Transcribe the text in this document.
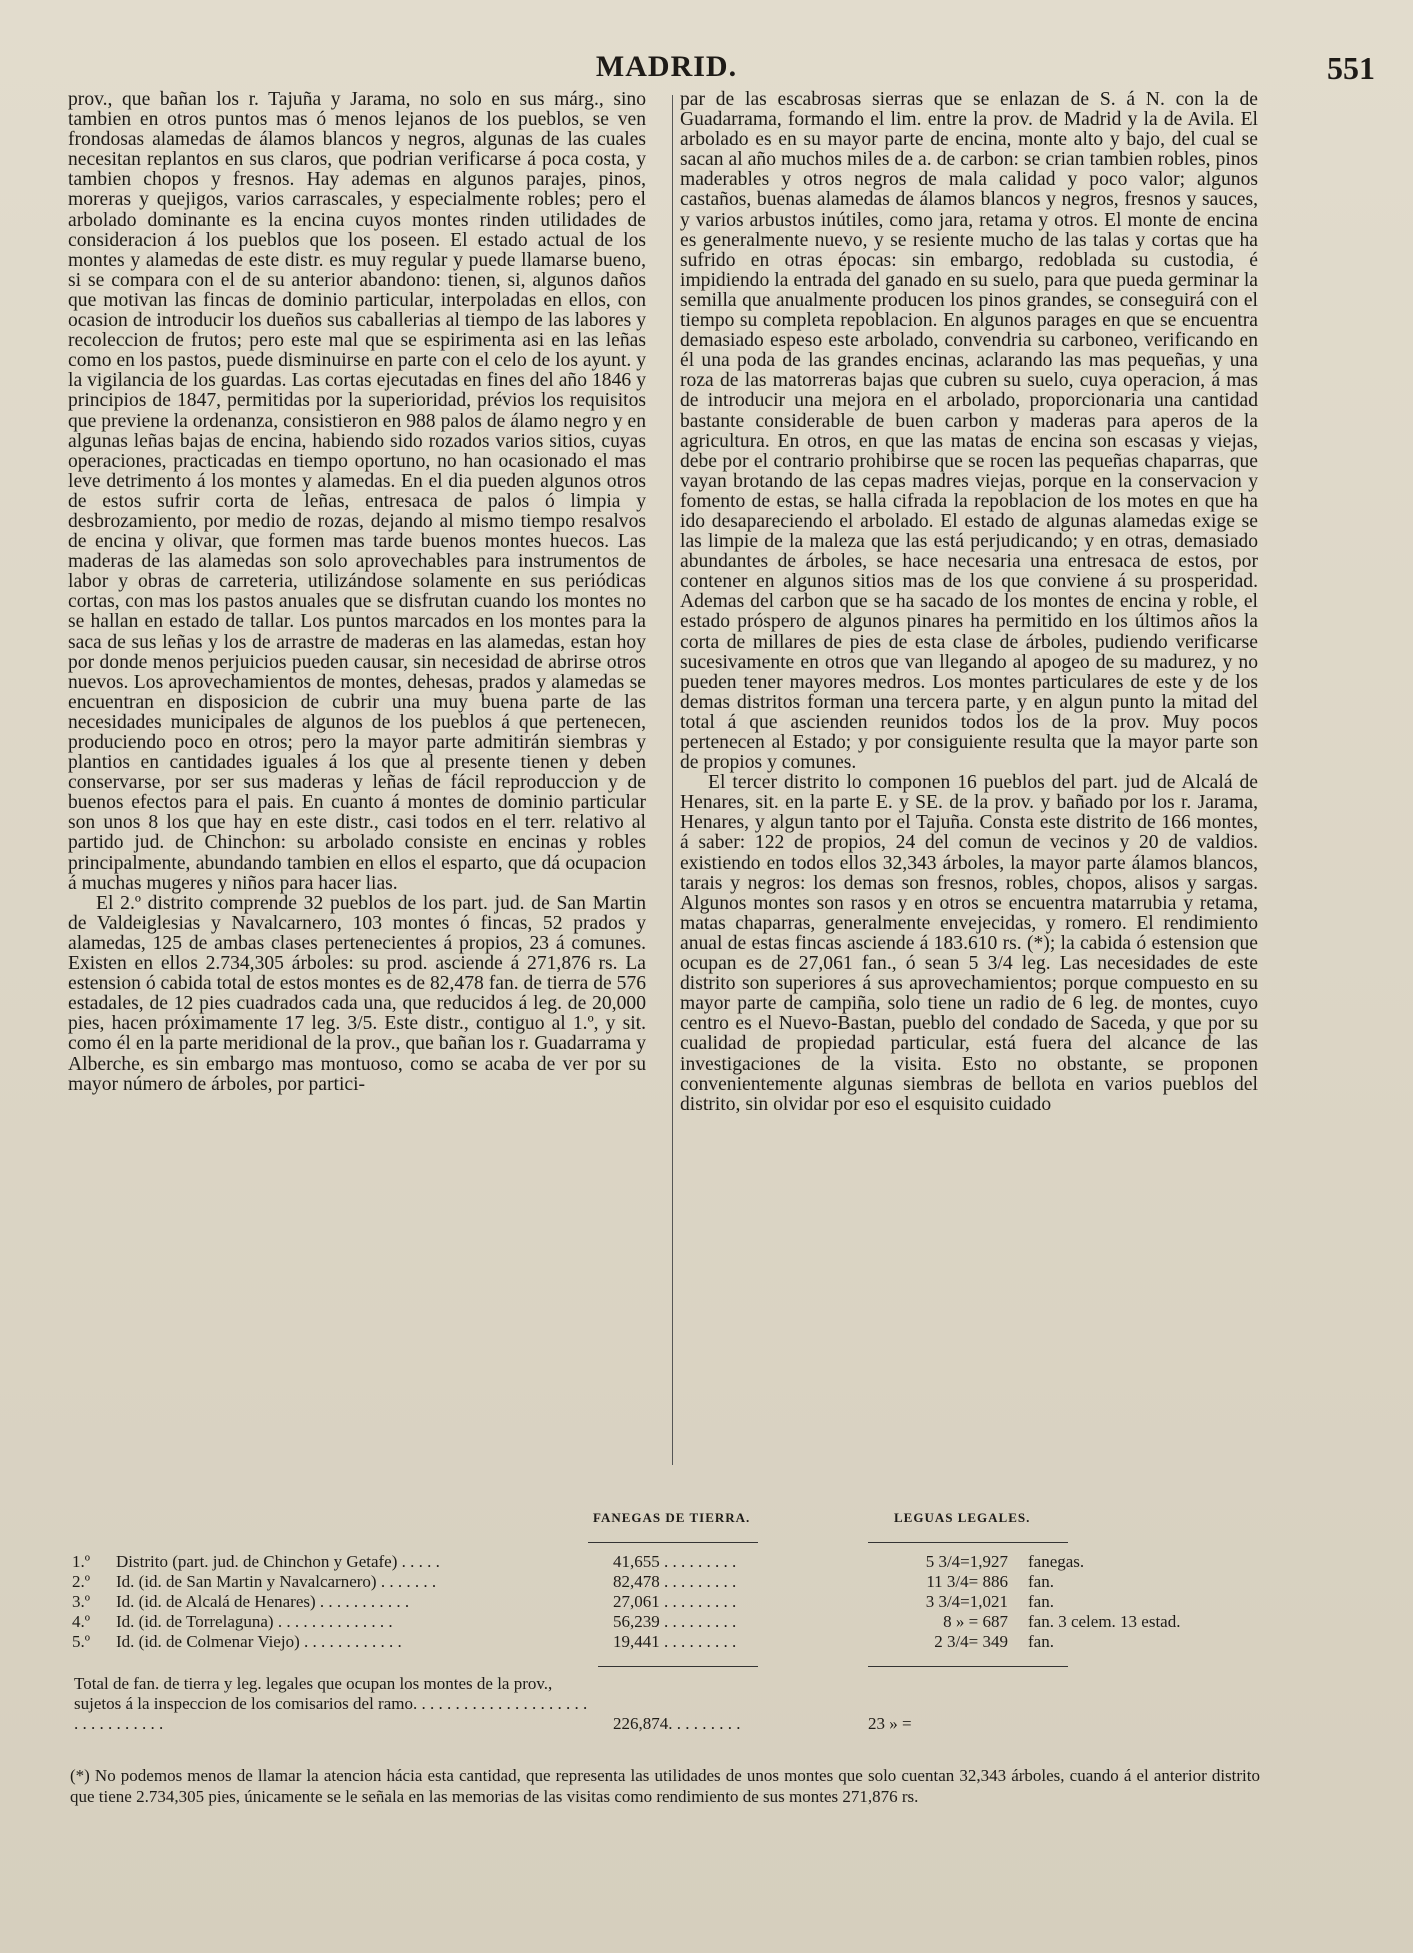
MADRID.	551

prov., que bañan los r. Tajuña y Jarama, no solo en sus márg., sino tambien en otros puntos mas ó menos lejanos de los pueblos, se ven frondosas alamedas de álamos blancos y negros, algunas de las cuales necesitan replantos en sus claros, que podrian verificarse á poca costa, y tambien chopos y fresnos. Hay ademas en algunos parajes, pinos, moreras y quejigos, varios carrascales, y especialmente robles; pero el arbolado dominante es la encina cuyos montes rinden utilidades de consideracion á los pueblos que los poseen. El estado actual de los montes y alamedas de este distr. es muy regular y puede llamarse bueno, si se compara con el de su anterior abandono: tienen, si, algunos daños que motivan las fincas de dominio particular, interpoladas en ellos, con ocasion de introducir los dueños sus caballerias al tiempo de las labores y recoleccion de frutos; pero este mal que se espirimenta asi en las leñas como en los pastos, puede disminuirse en parte con el celo de los ayunt. y la vigilancia de los guardas. Las cortas ejecutadas en fines del año 1846 y principios de 1847, permitidas por la superioridad, prévios los requisitos que previene la ordenanza, consistieron en 988 palos de álamo negro y en algunas leñas bajas de encina, habiendo sido rozados varios sitios, cuyas operaciones, practicadas en tiempo oportuno, no han ocasionado el mas leve detrimento á los montes y alamedas. En el dia pueden algunos otros de estos sufrir corta de leñas, entresaca de palos ó limpia y desbrozamiento, por medio de rozas, dejando al mismo tiempo resalvos de encina y olivar, que formen mas tarde buenos montes huecos. Las maderas de las alamedas son solo aprovechables para instrumentos de labor y obras de carreteria, utilizándose solamente en sus periódicas cortas, con mas los pastos anuales que se disfrutan cuando los montes no se hallan en estado de tallar. Los puntos marcados en los montes para la saca de sus leñas y los de arrastre de maderas en las alamedas, estan hoy por donde menos perjuicios pueden causar, sin necesidad de abrirse otros nuevos. Los aprovechamientos de montes, dehesas, prados y alamedas se encuentran en disposicion de cubrir una muy buena parte de las necesidades municipales de algunos de los pueblos á que pertenecen, produciendo poco en otros; pero la mayor parte admitirán siembras y plantios en cantidades iguales á los que al presente tienen y deben conservarse, por ser sus maderas y leñas de fácil reproduccion y de buenos efectos para el pais. En cuanto á montes de dominio particular son unos 8 los que hay en este distr., casi todos en el terr. relativo al partido jud. de Chinchon: su arbolado consiste en encinas y robles principalmente, abundando tambien en ellos el esparto, que dá ocupacion á muchas mugeres y niños para hacer lias.

El 2.º distrito comprende 32 pueblos de los part. jud. de San Martin de Valdeiglesias y Navalcarnero, 103 montes ó fincas, 52 prados y alamedas, 125 de ambas clases pertenecientes á propios, 23 á comunes. Existen en ellos 2.734,305 árboles: su prod. asciende á 271,876 rs. La estension ó cabida total de estos montes es de 82,478 fan. de tierra de 576 estadales, de 12 pies cuadrados cada una, que reducidos á leg. de 20,000 pies, hacen próximamente 17 leg. 3/5. Este distr., contiguo al 1.º, y sit. como él en la parte meridional de la prov., que bañan los r. Guadarrama y Alberche, es sin embargo mas montuoso, como se acaba de ver por su mayor número de árboles, por partici-

par de las escabrosas sierras que se enlazan de S. á N. con la de Guadarrama, formando el lim. entre la prov. de Madrid y la de Avila. El arbolado es en su mayor parte de encina, monte alto y bajo, del cual se sacan al año muchos miles de a. de carbon: se crian tambien robles, pinos maderables y otros negros de mala calidad y poco valor; algunos castaños, buenas alamedas de álamos blancos y negros, fresnos y sauces, y varios arbustos inútiles, como jara, retama y otros. El monte de encina es generalmente nuevo, y se resiente mucho de las talas y cortas que ha sufrido en otras épocas: sin embargo, redoblada su custodia, é impidiendo la entrada del ganado en su suelo, para que pueda germinar la semilla que anualmente producen los pinos grandes, se conseguirá con el tiempo su completa repoblacion. En algunos parages en que se encuentra demasiado espeso este arbolado, convendria su carboneo, verificando en él una poda de las grandes encinas, aclarando las mas pequeñas, y una roza de las matorreras bajas que cubren su suelo, cuya operacion, á mas de introducir una mejora en el arbolado, proporcionaria una cantidad bastante considerable de buen carbon y maderas para aperos de la agricultura. En otros, en que las matas de encina son escasas y viejas, debe por el contrario prohibirse que se rocen las pequeñas chaparras, que vayan brotando de las cepas madres viejas, porque en la conservacion y fomento de estas, se halla cifrada la repoblacion de los motes en que ha ido desapareciendo el arbolado. El estado de algunas alamedas exige se las limpie de la maleza que las está perjudicando; y en otras, demasiado abundantes de árboles, se hace necesaria una entresaca de estos, por contener en algunos sitios mas de los que conviene á su prosperidad. Ademas del carbon que se ha sacado de los montes de encina y roble, el estado próspero de algunos pinares ha permitido en los últimos años la corta de millares de pies de esta clase de árboles, pudiendo verificarse sucesivamente en otros que van llegando al apogeo de su madurez, y no pueden tener mayores medros. Los montes particulares de este y de los demas distritos forman una tercera parte, y en algun punto la mitad del total á que ascienden reunidos todos los de la prov. Muy pocos pertenecen al Estado; y por consiguiente resulta que la mayor parte son de propios y comunes.

El tercer distrito lo componen 16 pueblos del part. jud de Alcalá de Henares, sit. en la parte E. y SE. de la prov. y bañado por los r. Jarama, Henares, y algun tanto por el Tajuña. Consta este distrito de 166 montes, á saber: 122 de propios, 24 del comun de vecinos y 20 de valdios. existiendo en todos ellos 32,343 árboles, la mayor parte álamos blancos, tarais y negros: los demas son fresnos, robles, chopos, alisos y sargas. Algunos montes son rasos y en otros se encuentra matarrubia y retama, matas chaparras, generalmente envejecidas, y romero. El rendimiento anual de estas fincas asciende á 183.610 rs. (*); la cabida ó estension que ocupan es de 27,061 fan., ó sean 5 3/4 leg. Las necesidades de este distrito son superiores á sus aprovechamientos; porque compuesto en su mayor parte de campiña, solo tiene un radio de 6 leg. de montes, cuyo centro es el Nuevo-Bastan, pueblo del condado de Saceda, y que por su cualidad de propiedad particular, está fuera del alcance de las investigaciones de la visita. Esto no obstante, se proponen convenientemente algunas siembras de bellota en varios pueblos del distrito, sin olvidar por eso el esquisito cuidado

FANEGAS DE TIERRA.	LEGUAS LEGALES.
1.º	Distrito (part. jud. de Chinchon y Getafe) . . . . .	41,655 . . . . . . . . .	5 3/4=1,927 fanegas.
2.º	Id. (id. de San Martin y Navalcarnero) . . . . . . .	82,478 . . . . . . . . .	11 3/4= 886 fan.
3.º	Id. (id. de Alcalá de Henares) . . . . . . . . . . .	27,061 . . . . . . . . .	3 3/4=1,021 fan.
4.º	Id. (id. de Torrelaguna) . . . . . . . . . . . . . .	56,239 . . . . . . . . .	8 » = 687 fan. 3 celem. 13 estad.
5.º	Id. (id. de Colmenar Viejo) . . . . . . . . . . . .	19,441 . . . . . . . . .	2 3/4= 349 fan.
Total de fan. de tierra y leg. legales que ocupan los montes de la prov., sujetos á la inspeccion de los comisarios del ramo. . . . . . . . . . . . . . . . . . . . . . . . . . . . . . . .	226,874. . . . . . . . .	23 » =
(*) No podemos menos de llamar la atencion hácia esta cantidad, que representa las utilidades de unos montes que solo cuentan 32,343 árboles, cuando á el anterior distrito que tiene 2.734,305 pies, únicamente se le señala en las memorias de las visitas como rendimiento de sus montes 271,876 rs.
